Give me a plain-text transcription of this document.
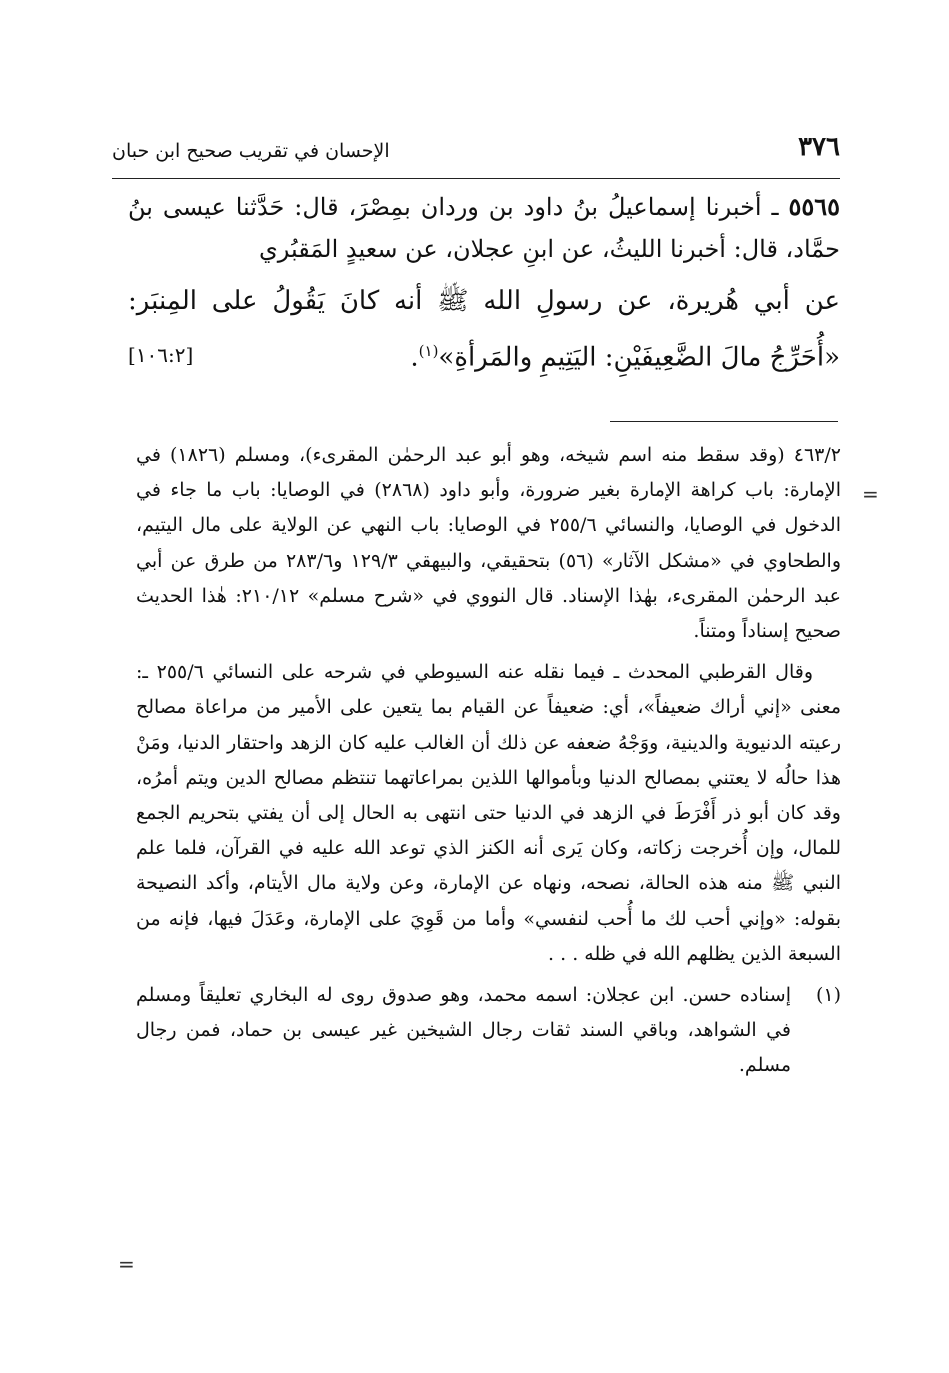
٣٧٦
الإحسان في تقريب صحيح ابن حبان

٥٥٦٥ ـ أخبرنا إسماعيلُ بنُ داود بن وردان بمِصْرَ، قال: حَدَّثنا عيسى بنُ حمَّاد، قال: أخبرنا الليثُ، عن ابنِ عجلان، عن سعيدٍ المَقبُري

عن أبي هُريرة، عن رسولِ الله ﷺ أنه كانَ يَقُولُ على المِنبَر: «أُحَرِّجُ مالَ الضَّعِيفَيْنِ: اليَتِيمِ والمَرأةِ»$^{(١)}$.
[١٠٦:٢]

٤٦٣/٢ (وقد سقط منه اسم شيخه، وهو أبو عبد الرحمٰن المقرىء)، ومسلم (١٨٢٦) في الإمارة: باب كراهة الإمارة بغير ضرورة، وأبو داود (٢٨٦٨) في الوصايا: باب ما جاء في الدخول في الوصايا، والنسائي ٢٥٥/٦ في الوصايا: باب النهي عن الولاية على مال اليتيم، والطحاوي في «مشكل الآثار» (٥٦) بتحقيقي، والبيهقي ١٢٩/٣ و٢٨٣/٦ من طرق عن أبي عبد الرحمٰن المقرىء، بهٰذا الإسناد. قال النووي في «شرح مسلم» ٢١٠/١٢: هٰذا الحديث صحيح إسناداً ومتناً.

وقال القرطبي المحدث ـ فيما نقله عنه السيوطي في شرحه على النسائي ٢٥٥/٦ ـ: معنى «إني أراك ضعيفاً»، أي: ضعيفاً عن القيام بما يتعين على الأمير من مراعاة مصالح رعيته الدنيوية والدينية، ووَجْهُ ضعفه عن ذلك أن الغالب عليه كان الزهد واحتقار الدنيا، ومَنْ هذا حالُه لا يعتني بمصالح الدنيا وبأموالها اللذين بمراعاتهما تنتظم مصالح الدين ويتم أمرُه، وقد كان أبو ذر أَفْرَطَ في الزهد في الدنيا حتى انتهى به الحال إلى أن يفتي بتحريم الجمع للمال، وإن أُخرجت زكاته، وكان يَرى أنه الكنز الذي توعد الله عليه في القرآن، فلما علم النبي ﷺ منه هذه الحالة، نصحه، ونهاه عن الإمارة، وعن ولاية مال الأيتام، وأكد النصيحة بقوله: «وإني أحب لك ما أُحب لنفسي» وأما من قَوِيَ على الإمارة، وعَدَلَ فيها، فإنه من السبعة الذين يظلهم الله في ظله . . .

(١)
إسناده حسن. ابن عجلان: اسمه محمد، وهو صدوق روى له البخاري تعليقاً ومسلم في الشواهد، وباقي السند ثقات رجال الشيخين غير عيسى بن حماد، فمن رجال مسلم.
=
=
